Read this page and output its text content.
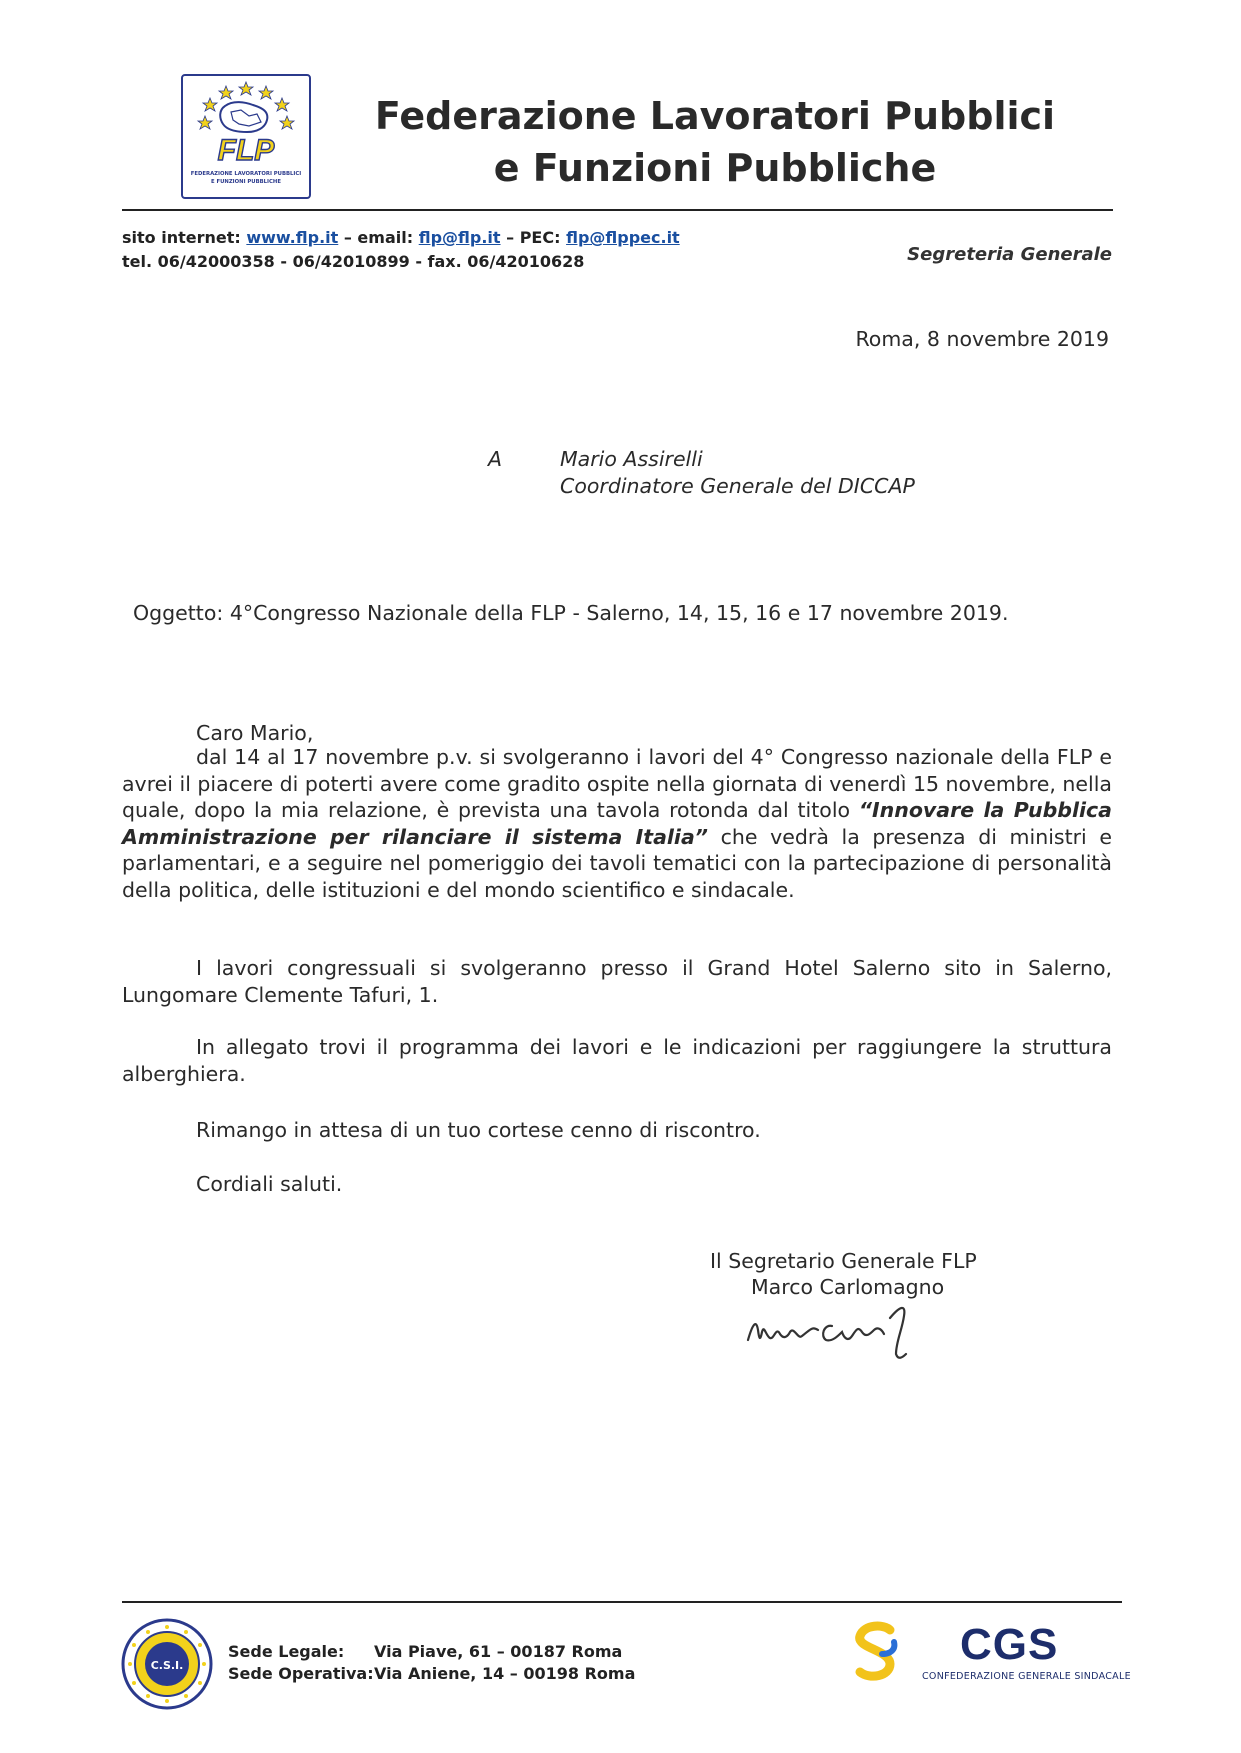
FLP
FEDERAZIONE LAVORATORI PUBBLICI
E FUNZIONI PUBBLICHE
Federazione Lavoratori Pubblici
e Funzioni Pubbliche
sito internet: www.flp.it – email: flp@flp.it – PEC: flp@flppec.it
tel. 06/42000358 - 06/42010899 - fax. 06/42010628	Segreteria Generale
Roma, 8 novembre 2019
A	Mario Assirelli
Coordinatore Generale del DICCAP
Oggetto: 4°Congresso Nazionale della FLP - Salerno, 14, 15, 16 e 17 novembre 2019.
Caro Mario,
dal 14 al 17 novembre p.v. si svolgeranno i lavori del 4° Congresso nazionale della FLP e avrei il piacere di poterti avere come gradito ospite nella giornata di venerdì 15 novembre, nella quale, dopo la mia relazione, è prevista una tavola rotonda dal titolo “Innovare la Pubblica Amministrazione per rilanciare il sistema Italia” che vedrà la presenza di ministri e parlamentari, e a seguire nel pomeriggio dei tavoli tematici con la partecipazione di personalità della politica, delle istituzioni e del mondo scientifico e sindacale.
I lavori congressuali si svolgeranno presso il Grand Hotel Salerno sito in Salerno, Lungomare Clemente Tafuri, 1.
In allegato trovi il programma dei lavori e le indicazioni per raggiungere la struttura alberghiera.
Rimango in attesa di un tuo cortese cenno di riscontro.
Cordiali saluti.
Il Segretario Generale FLP
Marco Carlomagno
C.S.I.
Sede Legale:
Sede Operativa:
Via Piave, 61 – 00187 Roma
Via Aniene, 14 – 00198 Roma
CGS
CONFEDERAZIONE GENERALE SINDACALE
